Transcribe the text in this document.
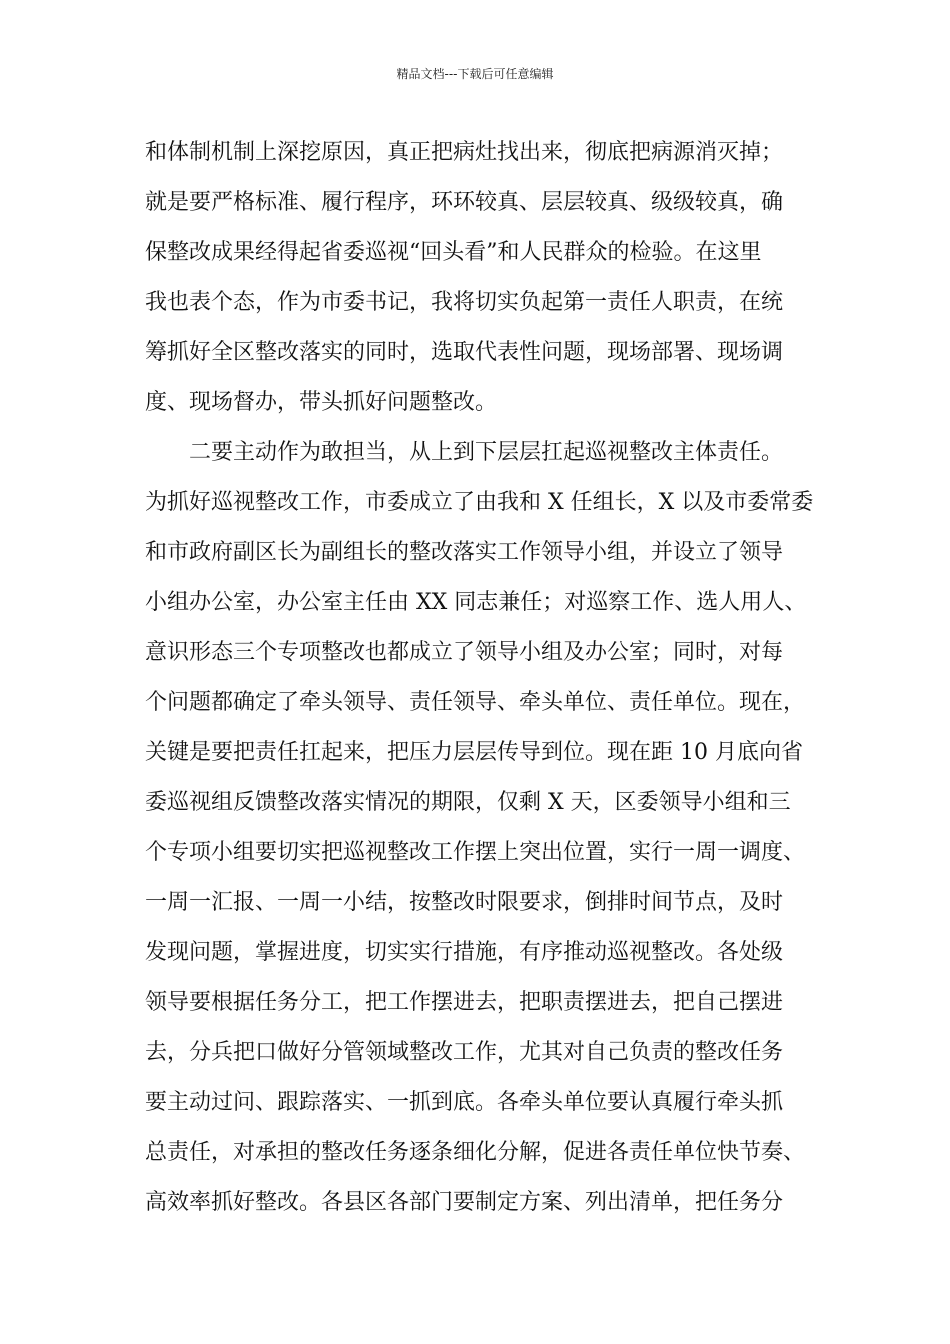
精品文档---下载后可任意编辑
和体制机制上深挖原因，真正把病灶找出来，彻底把病源消灭掉；
就是要严格标准、履行程序，环环较真、层层较真、级级较真，确
保整改成果经得起省委巡视“回头看”和人民群众的检验。在这里
我也表个态，作为市委书记，我将切实负起第一责任人职责，在统
筹抓好全区整改落实的同时，选取代表性问题，现场部署、现场调
度、现场督办，带头抓好问题整改。
　　二要主动作为敢担当，从上到下层层扛起巡视整改主体责任。
为抓好巡视整改工作，市委成立了由我和 X 任组长，X 以及市委常委
和市政府副区长为副组长的整改落实工作领导小组，并设立了领导
小组办公室，办公室主任由 XX 同志兼任；对巡察工作、选人用人、
意识形态三个专项整改也都成立了领导小组及办公室；同时，对每
个问题都确定了牵头领导、责任领导、牵头单位、责任单位。现在，
关键是要把责任扛起来，把压力层层传导到位。现在距 10 月底向省
委巡视组反馈整改落实情况的期限，仅剩 X 天，区委领导小组和三
个专项小组要切实把巡视整改工作摆上突出位置，实行一周一调度、
一周一汇报、一周一小结，按整改时限要求，倒排时间节点，及时
发现问题，掌握进度，切实实行措施，有序推动巡视整改。各处级
领导要根据任务分工，把工作摆进去，把职责摆进去，把自己摆进
去，分兵把口做好分管领域整改工作，尤其对自己负责的整改任务
要主动过问、跟踪落实、一抓到底。各牵头单位要认真履行牵头抓
总责任，对承担的整改任务逐条细化分解，促进各责任单位快节奏、
高效率抓好整改。各县区各部门要制定方案、列出清单，把任务分
